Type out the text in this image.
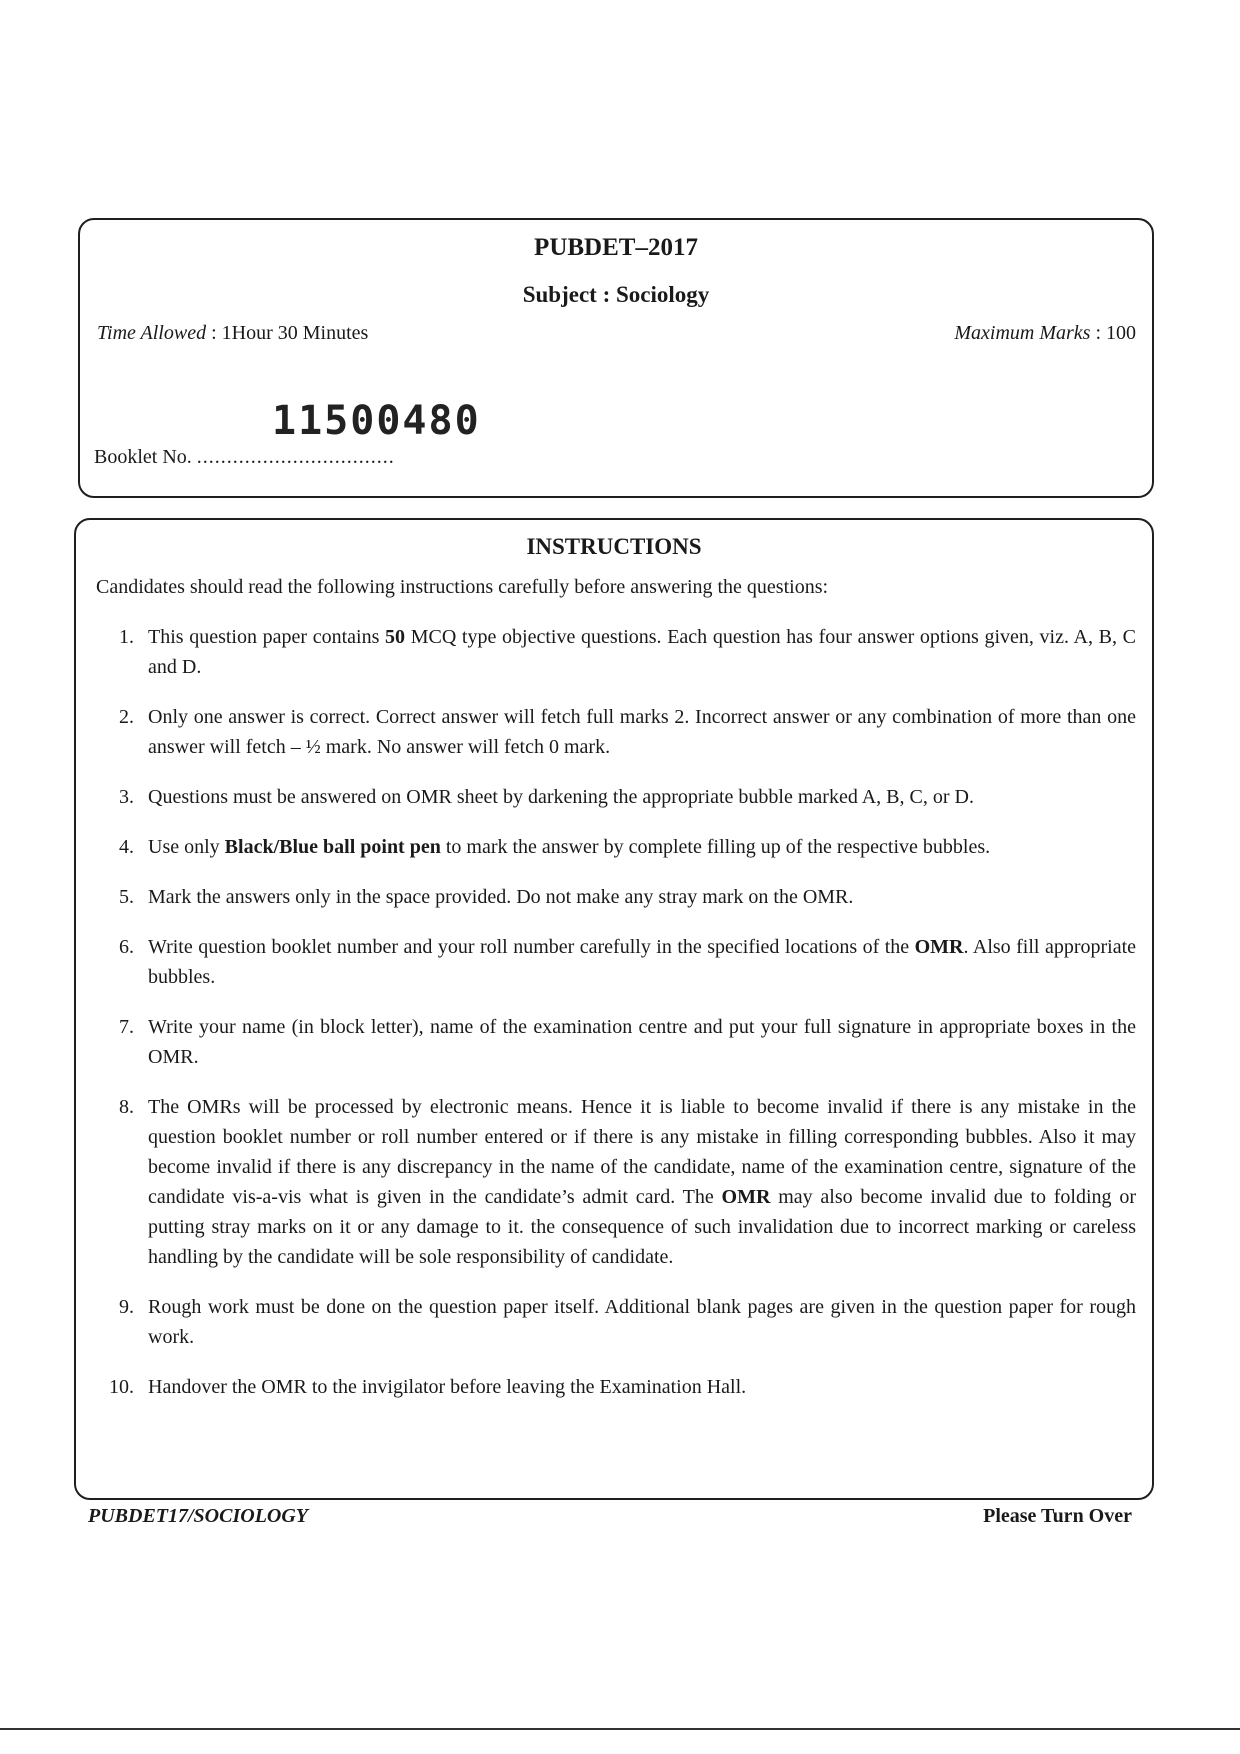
PUBDET–2017
Subject : Sociology
Time Allowed : 1Hour 30 Minutes	Maximum Marks : 100
11500480
Booklet No. .................................
INSTRUCTIONS
Candidates should read the following instructions carefully before answering the questions:
1. This question paper contains 50 MCQ type objective questions. Each question has four answer options given, viz. A, B, C and D.
2. Only one answer is correct. Correct answer will fetch full marks 2. Incorrect answer or any combination of more than one answer will fetch – ½ mark. No answer will fetch 0 mark.
3. Questions must be answered on OMR sheet by darkening the appropriate bubble marked A, B, C, or D.
4. Use only Black/Blue ball point pen to mark the answer by complete filling up of the respective bubbles.
5. Mark the answers only in the space provided. Do not make any stray mark on the OMR.
6. Write question booklet number and your roll number carefully in the specified locations of the OMR. Also fill appropriate bubbles.
7. Write your name (in block letter), name of the examination centre and put your full signature in appropriate boxes in the OMR.
8. The OMRs will be processed by electronic means. Hence it is liable to become invalid if there is any mistake in the question booklet number or roll number entered or if there is any mistake in filling corresponding bubbles. Also it may become invalid if there is any discrepancy in the name of the candidate, name of the examination centre, signature of the candidate vis-a-vis what is given in the candidate’s admit card. The OMR may also become invalid due to folding or putting stray marks on it or any damage to it. the consequence of such invalidation due to incorrect marking or careless handling by the candidate will be sole responsibility of candidate.
9. Rough work must be done on the question paper itself. Additional blank pages are given in the question paper for rough work.
10. Handover the OMR to the invigilator before leaving the Examination Hall.
PUBDET17/SOCIOLOGY	Please Turn Over
